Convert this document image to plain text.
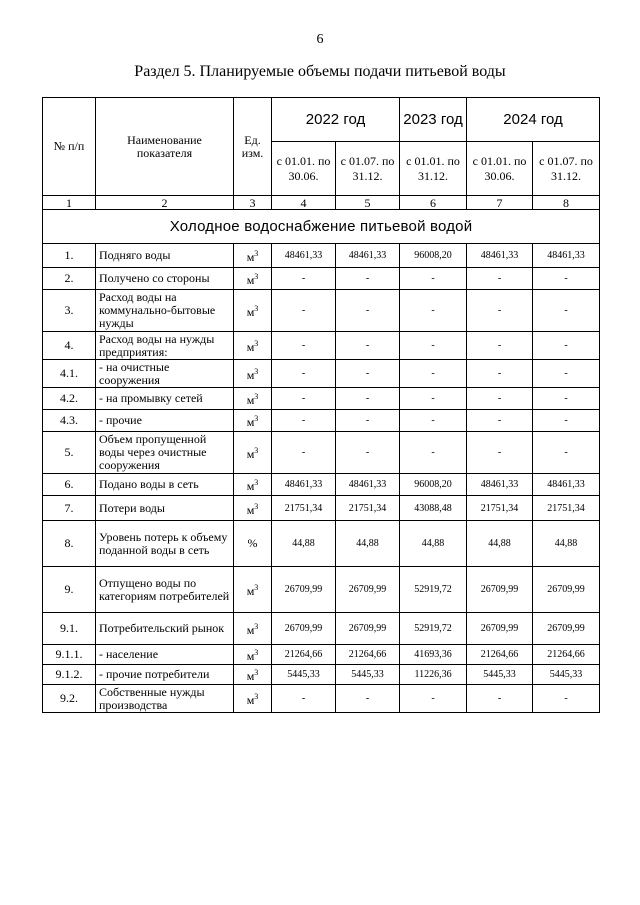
6
Раздел 5. Планируемые объемы подачи питьевой воды
№ п/п	Наименование показателя	Ед. изм.	2022 год		2023 год	2024 год	
			с 01.01. по 30.06.	с 01.07. по 31.12.	с 01.01. по 31.12.	с 01.01. по 30.06.	с 01.07. по 31.12.
1	2	3	4	5	6	7	8
Холодное водоснабжение питьевой водой							
1.	Подняго воды	$м^3$	48461,33	48461,33	96008,20	48461,33	48461,33
2.	Получено со стороны	$м^3$	-	-	-	-	-
3.	Расход воды на коммунально-бытовые нужды	$м^3$	-	-	-	-	-
4.	Расход воды на нужды предприятия:	$м^3$	-	-	-	-	-
4.1.	- на очистные сооружения	$м^3$	-	-	-	-	-
4.2.	- на промывку сетей	$м^3$	-	-	-	-	-
4.3.	- прочие	$м^3$	-	-	-	-	-
5.	Объем пропущенной воды через очистные сооружения	$м^3$	-	-	-	-	-
6.	Подано воды в сеть	$м^3$	48461,33	48461,33	96008,20	48461,33	48461,33
7.	Потери воды	$м^3$	21751,34	21751,34	43088,48	21751,34	21751,34
8.	Уровень потерь к объему поданной воды в сеть	%	44,88	44,88	44,88	44,88	44,88
9.	Отпущено воды по категориям потребителей	$м^3$	26709,99	26709,99	52919,72	26709,99	26709,99
9.1.	Потребительский рынок	$м^3$	26709,99	26709,99	52919,72	26709,99	26709,99
9.1.1.	- население	$м^3$	21264,66	21264,66	41693,36	21264,66	21264,66
9.1.2.	- прочие потребители	$м^3$	5445,33	5445,33	11226,36	5445,33	5445,33
9.2.	Собственные нужды производства	$м^3$	-	-	-	-	-
